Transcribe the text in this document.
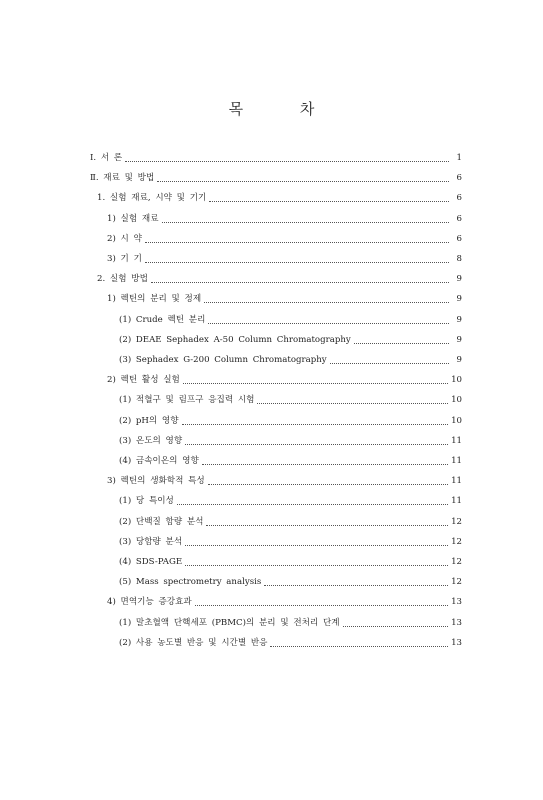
목 차
Ⅰ. 서 론	1
Ⅱ. 재료 및 방법	6
1. 실험 재료, 시약 및 기기	6
1) 실험 재료	6
2) 시 약	6
3) 기 기	8
2. 실험 방법	9
1) 렉틴의 분리 및 정제	9
(1) Crude 렉틴 분리	9
(2) DEAE Sephadex A-50 Column Chromatography	9
(3) Sephadex G-200 Column Chromatography	9
2) 렉틴 활성 실험	10
(1) 적혈구 및 림프구 응집력 시험	10
(2) pH의 영향	10
(3) 온도의 영향	11
(4) 금속이온의 영향	11
3) 렉틴의 생화학적 특성	11
(1) 당 특이성	11
(2) 단백질 함량 분석	12
(3) 당함량 분석	12
(4) SDS-PAGE	12
(5) Mass spectrometry analysis	12
4) 면역기능 증강효과	13
(1) 말초혈액 단핵세포 (PBMC)의 분리 및 전처리 단계	13
(2) 사용 농도별 반응 및 시간별 반응	13
